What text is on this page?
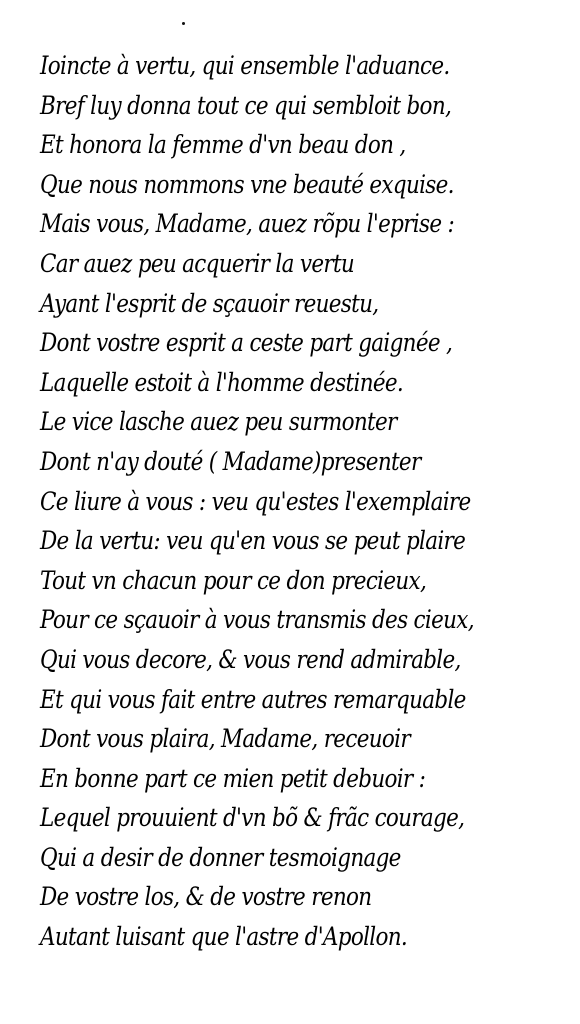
Ioincte à vertu, qui ensemble l'aduance.
Bref luy donna tout ce qui sembloit bon,
Et honora la femme d'vn beau don ,
Que nous nommons vne beauté exquise.
Mais vous, Madame, auez rõpu l'eprise :
Car auez peu acquerir la vertu
Ayant l'esprit de sçauoir reuestu,
Dont vostre esprit a ceste part gaignée ,
Laquelle estoit à l'homme destinée.
Le vice lasche auez peu surmonter
Dont n'ay douté ( Madame)presenter
Ce liure à vous : veu qu'estes l'exemplaire
De la vertu: veu qu'en vous se peut plaire
Tout vn chacun pour ce don precieux,
Pour ce sçauoir à vous transmis des cieux,
Qui vous decore, & vous rend admirable,
Et qui vous fait entre autres remarquable
Dont vous plaira, Madame, receuoir
En bonne part ce mien petit debuoir :
Lequel prouuient d'vn bõ & frãc courage,
Qui a desir de donner tesmoignage
De vostre los, & de vostre renon
Autant luisant que l'astre d'Apollon.
